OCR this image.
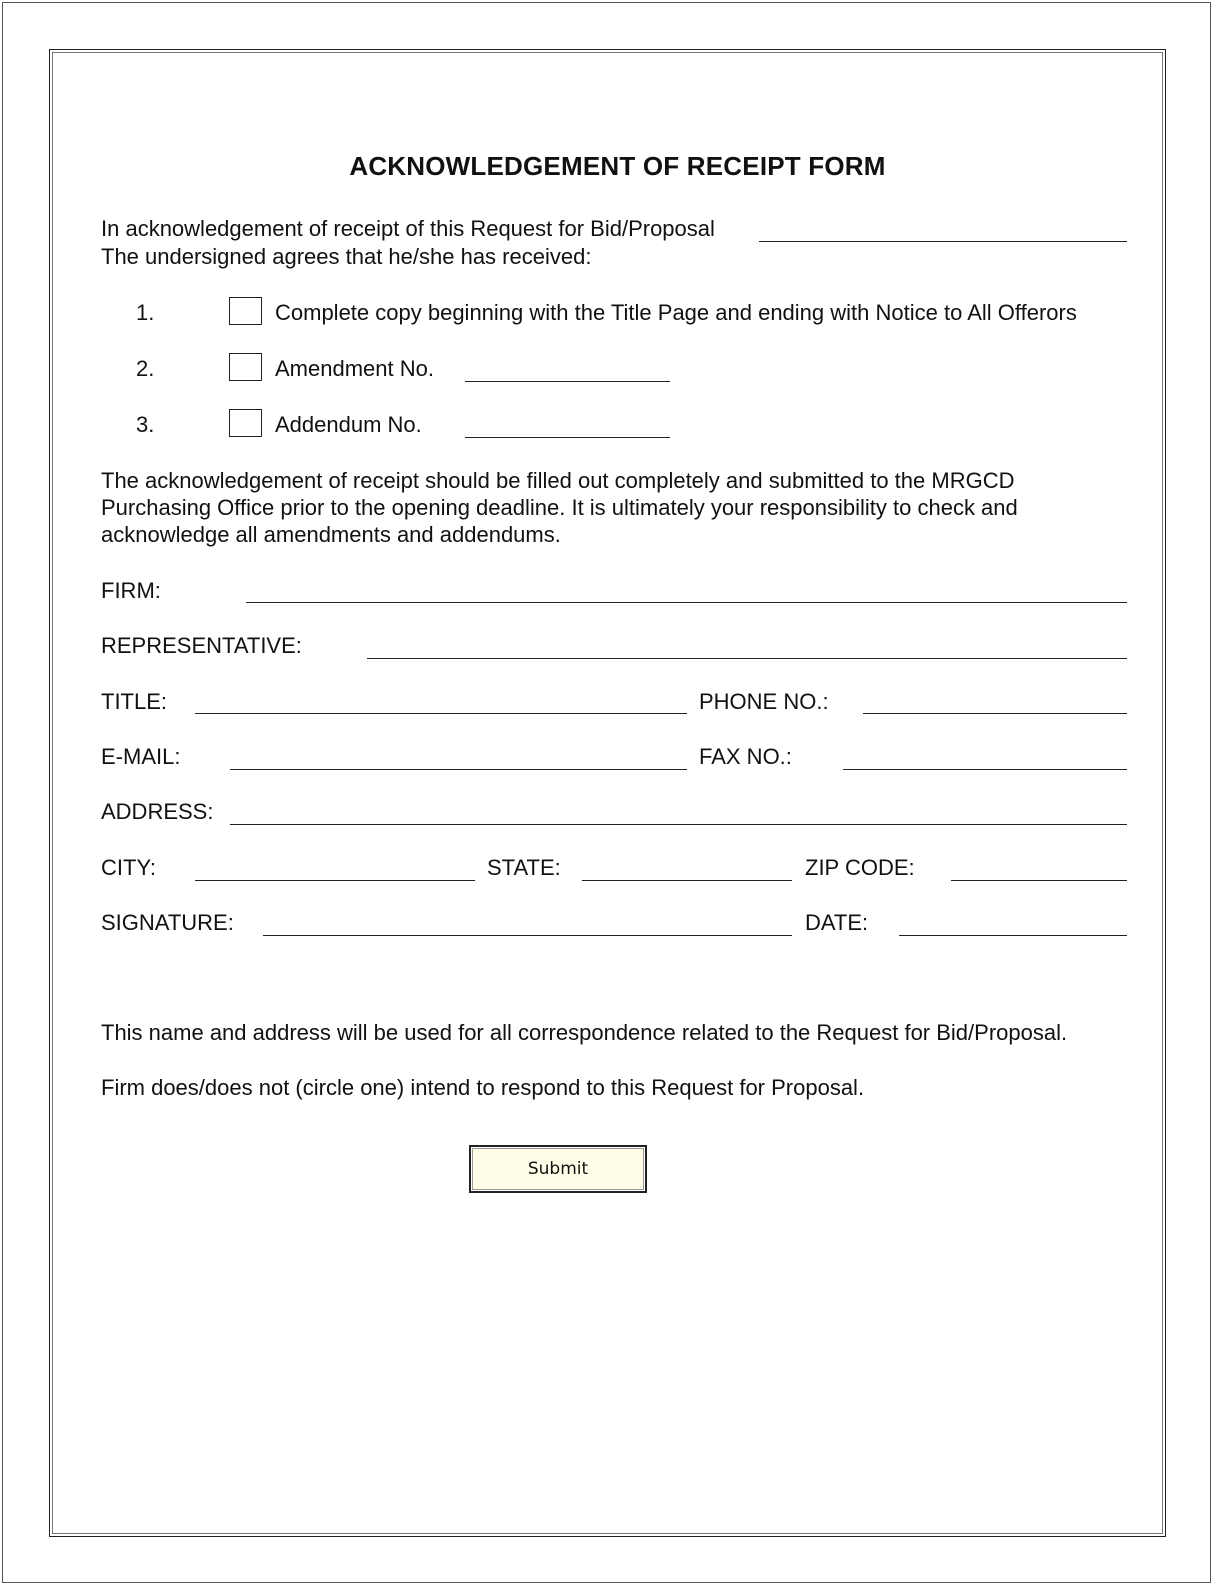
ACKNOWLEDGEMENT OF RECEIPT FORM
In acknowledgement of receipt of this Request for Bid/Proposal
The undersigned agrees that he/she has received:
1.	Complete copy beginning with the Title Page and ending with Notice to All Offerors
2.	Amendment No.
3.	Addendum No.
The acknowledgement of receipt should be filled out completely and submitted to the MRGCD
Purchasing Office prior to the opening deadline. It is ultimately your responsibility to check and
acknowledge all amendments and addendums.
FIRM:
REPRESENTATIVE:
TITLE:	PHONE NO.:
E-MAIL:	FAX NO.:
ADDRESS:
CITY:	STATE:	ZIP CODE:
SIGNATURE:	DATE:
This name and address will be used for all correspondence related to the Request for Bid/Proposal.
Firm does/does not (circle one) intend to respond to this Request for Proposal.
Submit
